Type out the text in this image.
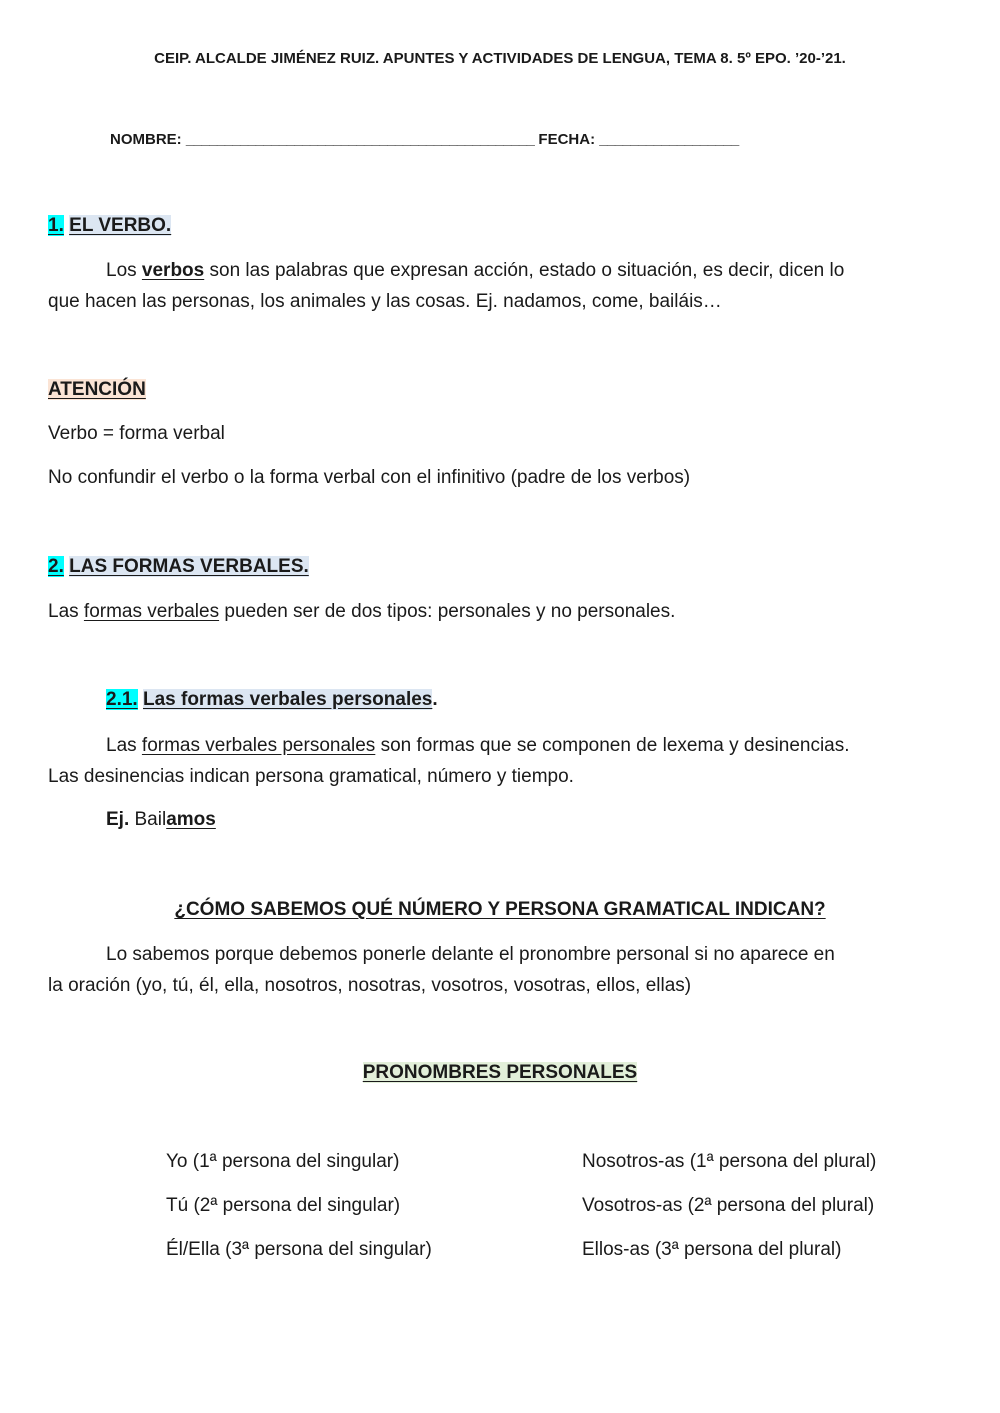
CEIP. ALCALDE JIMÉNEZ RUIZ. APUNTES Y ACTIVIDADES DE LENGUA, TEMA 8. 5º EPO. ’20-’21.
NOMBRE: _____________________________________________ FECHA: __________________
1. EL VERBO.
Los verbos son las palabras que expresan acción, estado o situación, es decir, dicen lo
que hacen las personas, los animales y las cosas. Ej. nadamos, come, bailáis…
ATENCIÓN
Verbo = forma verbal
No confundir el verbo o la forma verbal con el infinitivo (padre de los verbos)
2. LAS FORMAS VERBALES.
Las formas verbales pueden ser de dos tipos: personales y no personales.
2.1. Las formas verbales personales.
Las formas verbales personales son formas que se componen de lexema y desinencias.
Las desinencias indican persona gramatical, número y tiempo.
Ej. Bailamos
¿CÓMO SABEMOS QUÉ NÚMERO Y PERSONA GRAMATICAL INDICAN?
Lo sabemos porque debemos ponerle delante el pronombre personal si no aparece en
la oración (yo, tú, él, ella, nosotros, nosotras, vosotros, vosotras, ellos, ellas)
PRONOMBRES PERSONALES
Yo (1ª persona del singular)
Tú (2ª persona del singular)
Él/Ella (3ª persona del singular)
Nosotros-as (1ª persona del plural)
Vosotros-as (2ª persona del plural)
Ellos-as (3ª persona del plural)
